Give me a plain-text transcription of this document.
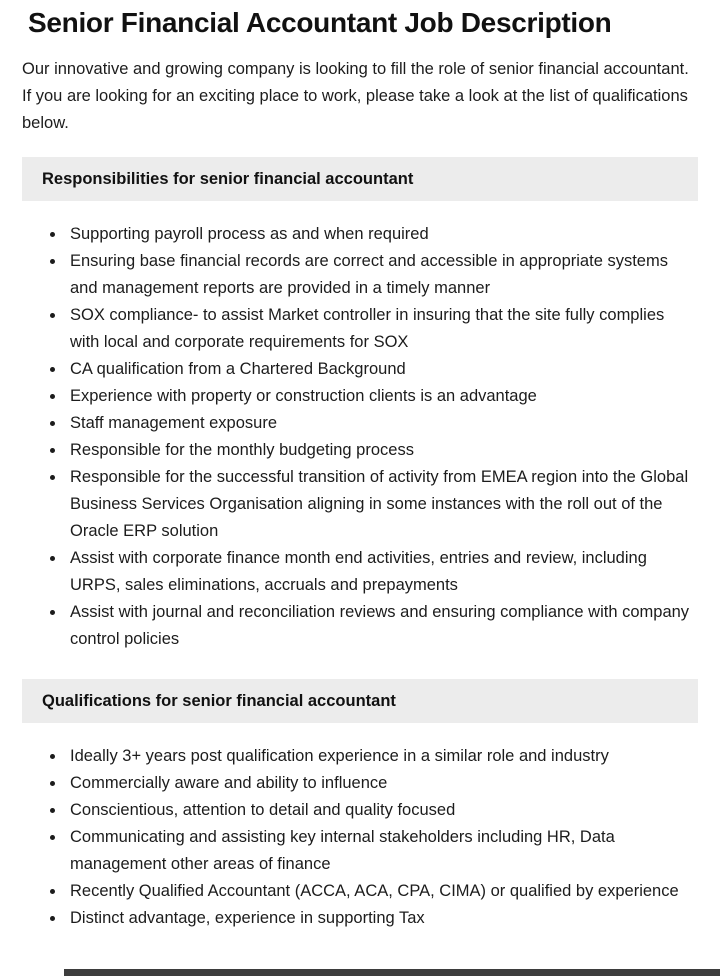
Senior Financial Accountant Job Description

Our innovative and growing company is looking to fill the role of senior financial accountant. If you are looking for an exciting place to work, please take a look at the list of qualifications below.

Responsibilities for senior financial accountant
• Supporting payroll process as and when required
• Ensuring base financial records are correct and accessible in appropriate systems and management reports are provided in a timely manner
• SOX compliance- to assist Market controller in insuring that the site fully complies with local and corporate requirements for SOX
• CA qualification from a Chartered Background
• Experience with property or construction clients is an advantage
• Staff management exposure
• Responsible for the monthly budgeting process
• Responsible for the successful transition of activity from EMEA region into the Global Business Services Organisation aligning in some instances with the roll out of the Oracle ERP solution
• Assist with corporate finance month end activities, entries and review, including URPS, sales eliminations, accruals and prepayments
• Assist with journal and reconciliation reviews and ensuring compliance with company control policies
Qualifications for senior financial accountant
• Ideally 3+ years post qualification experience in a similar role and industry
• Commercially aware and ability to influence
• Conscientious, attention to detail and quality focused
• Communicating and assisting key internal stakeholders including HR, Data management other areas of finance
• Recently Qualified Accountant (ACCA, ACA, CPA, CIMA) or qualified by experience
• Distinct advantage, experience in supporting Tax
